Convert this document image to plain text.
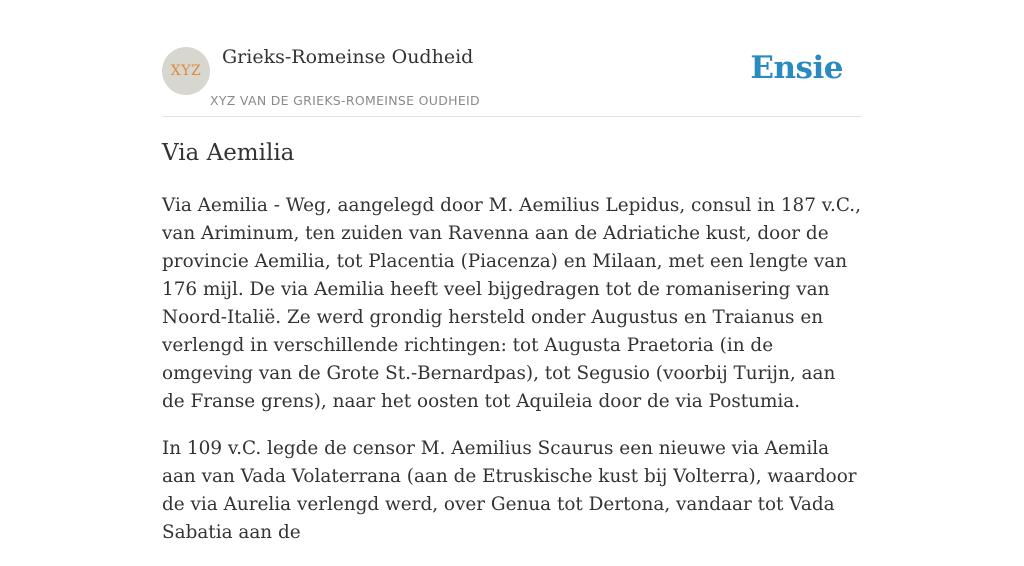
XYZ
Grieks-Romeinse Oudheid
XYZ VAN DE GRIEKS-ROMEINSE OUDHEID
Ensie
Via Aemilia

Via Aemilia - Weg, aangelegd door M. Aemilius Lepidus, consul in 187 v.C., van Ariminum, ten zuiden van Ravenna aan de Adriatiche kust, door de provincie Aemilia, tot Placentia (Piacenza) en Milaan, met een lengte van 176 mijl. De via Aemilia heeft veel bijgedragen tot de romanisering van Noord-Italië. Ze werd grondig hersteld onder Augustus en Traianus en verlengd in verschillende richtingen: tot Augusta Praetoria (in de omgeving van de Grote St.-Bernardpas), tot Segusio (voorbij Turijn, aan de Franse grens), naar het oosten tot Aquileia door de via Postumia.

In 109 v.C. legde de censor M. Aemilius Scaurus een nieuwe via Aemila aan van Vada Volaterrana (aan de Etruskische kust bij Volterra), waardoor de via Aurelia verlengd werd, over Genua tot Dertona, vandaar tot Vada Sabatia aan de
